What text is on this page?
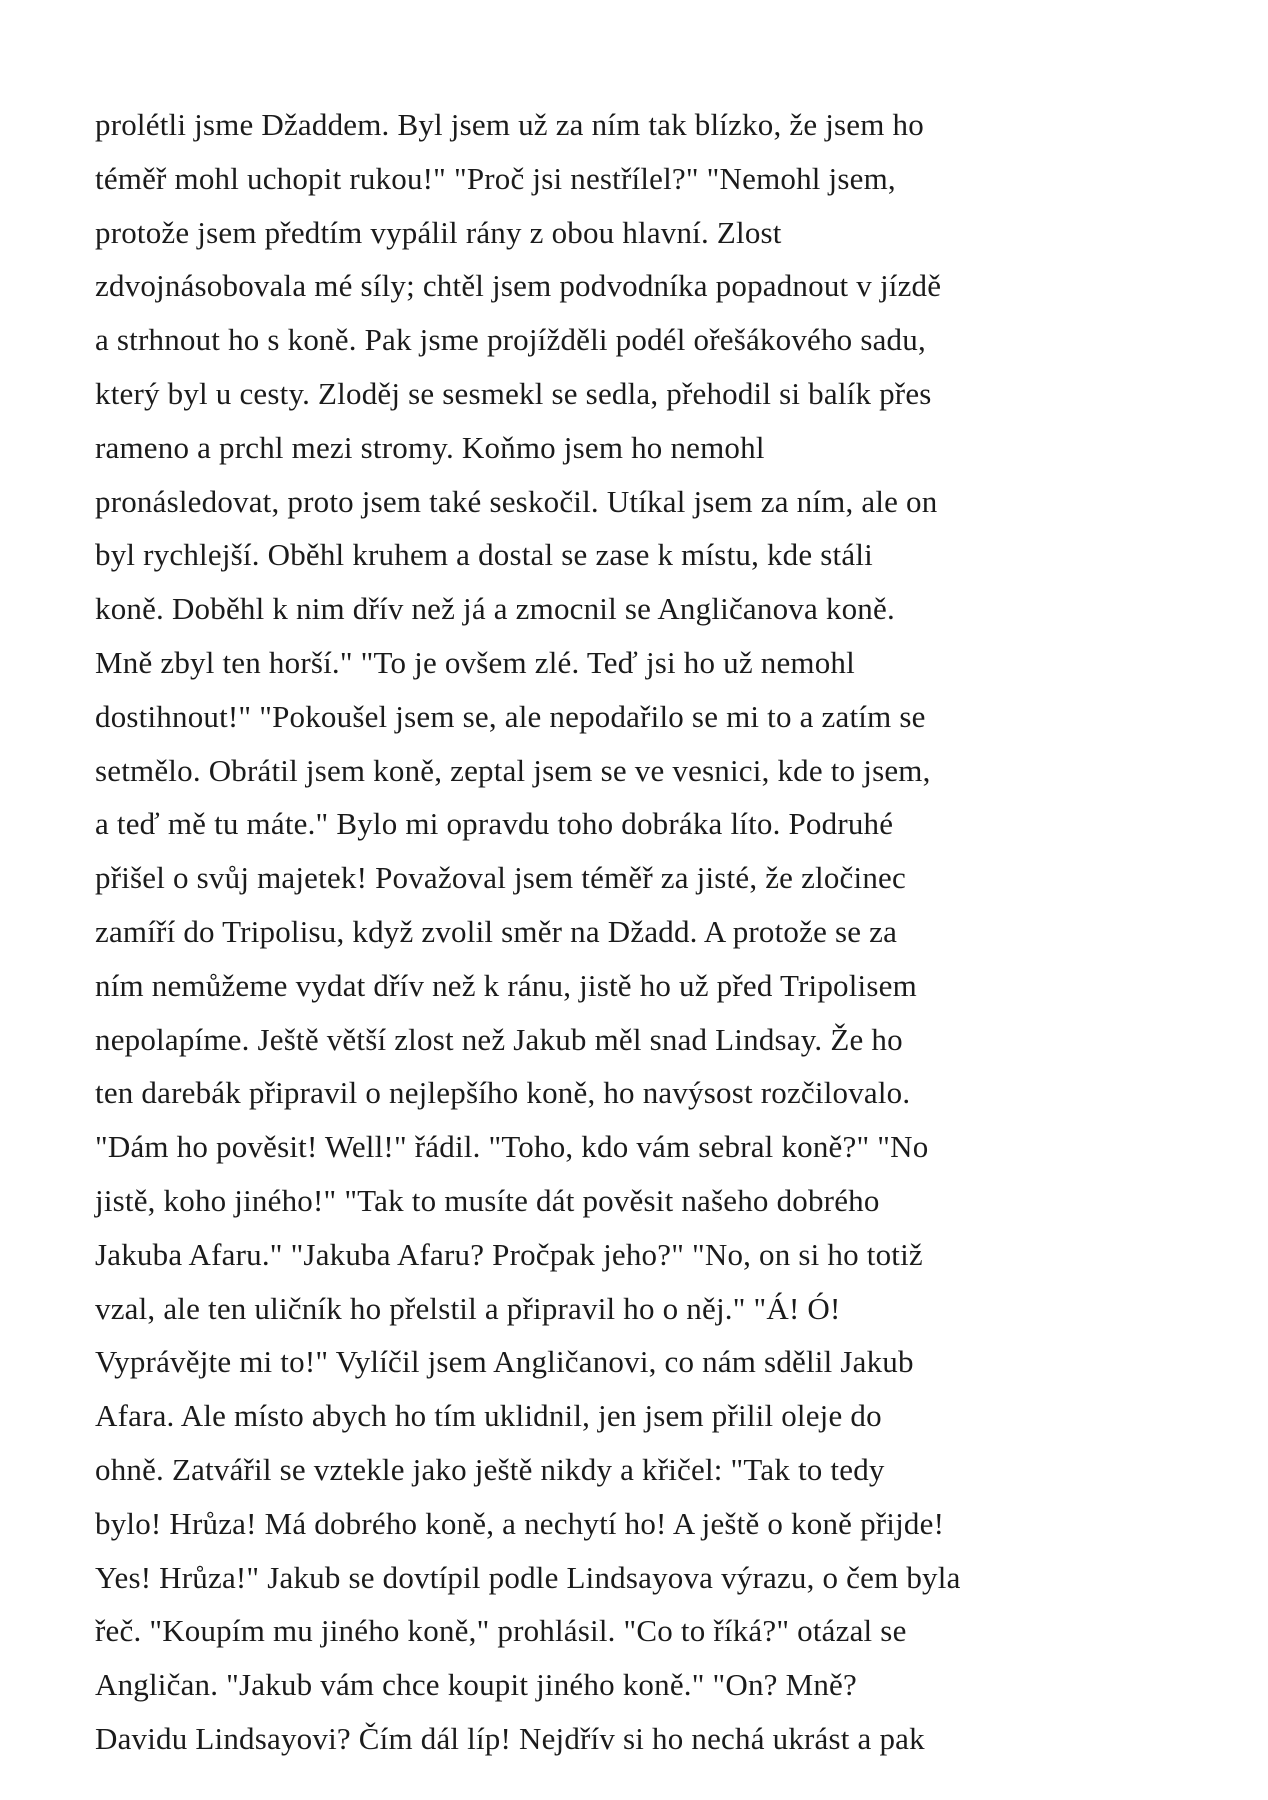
prolétli jsme Džaddem. Byl jsem už za ním tak blízko, že jsem ho
téměř mohl uchopit rukou!" "Proč jsi nestřílel?" "Nemohl jsem,
protože jsem předtím vypálil rány z obou hlavní. Zlost
zdvojnásobovala mé síly; chtěl jsem podvodníka popadnout v jízdě
a strhnout ho s koně. Pak jsme projížděli podél ořešákového sadu,
který byl u cesty. Zloděj se sesmekl se sedla, přehodil si balík přes
rameno a prchl mezi stromy. Koňmo jsem ho nemohl
pronásledovat, proto jsem také seskočil. Utíkal jsem za ním, ale on
byl rychlejší. Oběhl kruhem a dostal se zase k místu, kde stáli
koně. Doběhl k nim dřív než já a zmocnil se Angličanova koně.
Mně zbyl ten horší." "To je ovšem zlé. Teď jsi ho už nemohl
dostihnout!" "Pokoušel jsem se, ale nepodařilo se mi to a zatím se
setmělo. Obrátil jsem koně, zeptal jsem se ve vesnici, kde to jsem,
a teď mě tu máte." Bylo mi opravdu toho dobráka líto. Podruhé
přišel o svůj majetek! Považoval jsem téměř za jisté, že zločinec
zamíří do Tripolisu, když zvolil směr na Džadd. A protože se za
ním nemůžeme vydat dřív než k ránu, jistě ho už před Tripolisem
nepolapíme. Ještě větší zlost než Jakub měl snad Lindsay. Že ho
ten darebák připravil o nejlepšího koně, ho navýsost rozčilovalo.
"Dám ho pověsit! Well!" řádil. "Toho, kdo vám sebral koně?" "No
jistě, koho jiného!" "Tak to musíte dát pověsit našeho dobrého
Jakuba Afaru." "Jakuba Afaru? Pročpak jeho?" "No, on si ho totiž
vzal, ale ten uličník ho přelstil a připravil ho o něj." "Á! Ó!
Vyprávějte mi to!" Vylíčil jsem Angličanovi, co nám sdělil Jakub
Afara. Ale místo abych ho tím uklidnil, jen jsem přilil oleje do
ohně. Zatvářil se vztekle jako ještě nikdy a křičel: "Tak to tedy
bylo! Hrůza! Má dobrého koně, a nechytí ho! A ještě o koně přijde!
Yes! Hrůza!" Jakub se dovtípil podle Lindsayova výrazu, o čem byla
řeč. "Koupím mu jiného koně," prohlásil. "Co to říká?" otázal se
Angličan. "Jakub vám chce koupit jiného koně." "On? Mně?
Davidu Lindsayovi? Čím dál líp! Nejdřív si ho nechá ukrást a pak
